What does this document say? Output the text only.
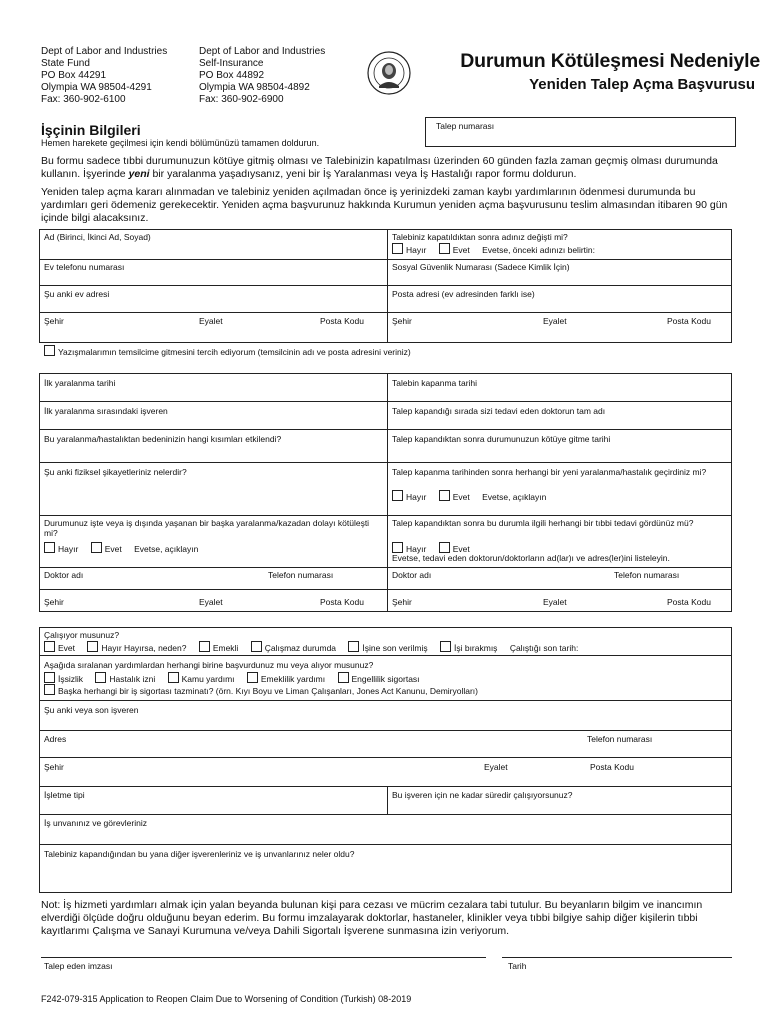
Dept of Labor and Industries
State Fund
PO Box 44291
Olympia WA 98504-4291
Fax: 360-902-6100
Dept of Labor and Industries
Self-Insurance
PO Box 44892
Olympia WA 98504-4892
Fax: 360-902-6900
Durumun Kötüleşmesi Nedeniyle
Yeniden Talep Açma Başvurusu
İşçinin Bilgileri
Hemen harekete geçilmesi için kendi bölümünüzü tamamen doldurun.
Talep numarası
Bu formu sadece tıbbi durumunuzun kötüye gitmiş olması ve Talebinizin kapatılması üzerinden 60 günden fazla zaman geçmiş olması durumunda kullanın. İşyerinde yeni bir yaralanma yaşadıysanız, yeni bir İş Yaralanması veya İş Hastalığı rapor formu doldurun.
Yeniden talep açma kararı alınmadan ve talebiniz yeniden açılmadan önce iş yerinizdeki zaman kaybı yardımlarının ödenmesi durumunda bu yardımları geri ödemeniz gerekecektir. Yeniden açma başvurunuz hakkında Kurumun yeniden açma başvurusunu teslim almasından itibaren 90 gün içinde bilgi alacaksınız.
Ad (Birinci, İkinci Ad, Soyad)	Talebiniz kapatıldıktan sonra adınız değişti mi?
Hayır	Evet Evetse, önceki adınızı belirtin:
Ev telefonu numarası	Sosyal Güvenlik Numarası (Sadece Kimlik İçin)
Şu anki ev adresi	Posta adresi (ev adresinden farklı ise)
Şehir	Eyalet	Posta Kodu	Şehir	Eyalet	Posta Kodu
Yazışmalarımın temsilcime gitmesini tercih ediyorum (temsilcinin adı ve posta adresini veriniz)
İlk yaralanma tarihi	Talebin kapanma tarihi
İlk yaralanma sırasındaki işveren	Talep kapandığı sırada sizi tedavi eden doktorun tam adı
Bu yaralanma/hastalıktan bedeninizin hangi kısımları etkilendi?	Talep kapandıktan sonra durumunuzun kötüye gitme tarihi
Şu anki fiziksel şikayetleriniz nelerdir?	Talep kapanma tarihinden sonra herhangi bir yeni yaralanma/hastalık geçirdiniz mi?
Hayır	Evet Evetse, açıklayın
Durumunuz işte veya iş dışında yaşanan bir başka yaralanma/kazadan dolayı kötüleşti mi?
Hayır	Evet Evetse, açıklayın
Talep kapandıktan sonra bu durumla ilgili herhangi bir tıbbi tedavi gördünüz mü?
Hayır	Evet
Evetse, tedavi eden doktorun/doktorların ad(lar)ı ve adres(ler)ini listeleyin.
Doktor adı	Telefon numarası
Doktor adı	Telefon numarası
Şehir	Eyalet	Posta Kodu	Şehir	Eyalet	Posta Kodu
Çalışıyor musunuz?
Evet	Hayır Hayırsa, neden?	Emekli	Çalışmaz durumda	İşine son verilmiş	İşi bırakmış Çalıştığı son tarih:
Aşağıda sıralanan yardımlardan herhangi birine başvurdunuz mu veya alıyor musunuz?
İşsizlik	Hastalık izni	Kamu yardımı	Emeklilik yardımı	Engellilik sigortası
Başka herhangi bir iş sigortası tazminatı? (örn. Kıyı Boyu ve Liman Çalışanları, Jones Act Kanunu, Demiryolları)
Şu anki veya son işveren
Adres	Telefon numarası
Şehir	Eyalet	Posta Kodu
İşletme tipi	Bu işveren için ne kadar süredir çalışıyorsunuz?
İş unvanınız ve görevleriniz
Talebiniz kapandığından bu yana diğer işverenleriniz ve iş unvanlarınız neler oldu?
Not: İş hizmeti yardımları almak için yalan beyanda bulunan kişi para cezası ve mücrim cezalara tabi tutulur. Bu beyanların bilgim ve inancımın elverdiği ölçüde doğru olduğunu beyan ederim. Bu formu imzalayarak doktorlar, hastaneler, klinikler veya tıbbi bilgiye sahip diğer kişilerin tıbbi kayıtlarımı Çalışma ve Sanayi Kurumuna ve/veya Dahili Sigortalı İşverene sunmasına izin veriyorum.
Talep eden imzası	Tarih
F242-079-315 Application to Reopen Claim Due to Worsening of Condition (Turkish) 08-2019
